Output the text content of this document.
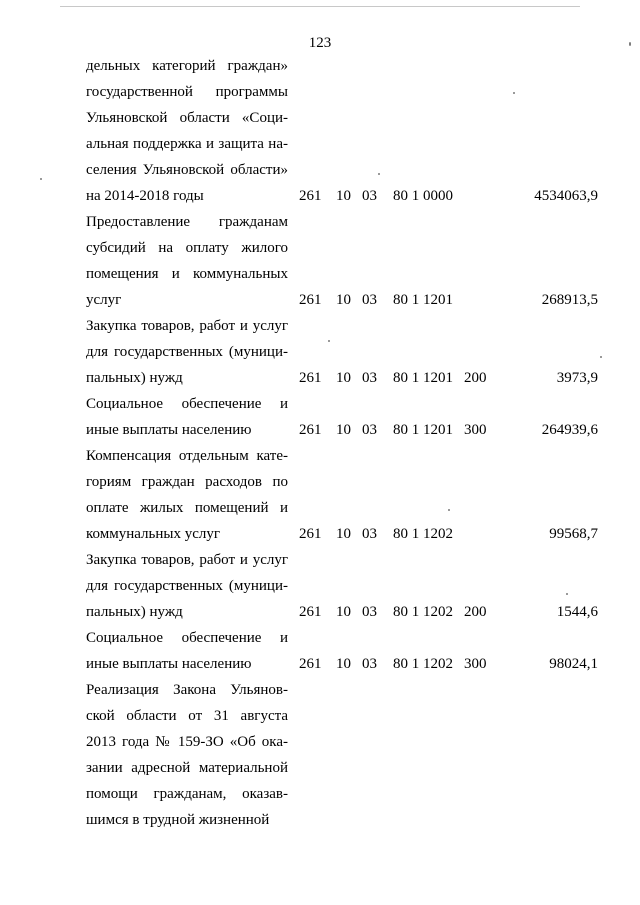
123
дельных категорий граждан»
государственной программы
Ульяновской области «Соци-
альная поддержка и защита на-
селения Ульяновской области»
на 2014-2018 годы	261 10 03 80 1 0000	4534063,9
Предоставление гражданам
субсидий на оплату жилого
помещения и коммунальных
услуг	261 10 03 80 1 1201	268913,5
Закупка товаров, работ и услуг
для государственных (муници-
пальных) нужд	261 10 03 80 1 1201 200	3973,9
Социальное обеспечение и
иные выплаты населению	261 10 03 80 1 1201 300	264939,6
Компенсация отдельным кате-
гориям граждан расходов по
оплате жилых помещений и
коммунальных услуг	261 10 03 80 1 1202	99568,7
Закупка товаров, работ и услуг
для государственных (муници-
пальных) нужд	261 10 03 80 1 1202 200	1544,6
Социальное обеспечение и
иные выплаты населению	261 10 03 80 1 1202 300	98024,1
Реализация Закона Ульянов-
ской области от 31 августа
2013 года № 159-ЗО «Об ока-
зании адресной материальной
помощи гражданам, оказав-
шимся в трудной жизненной
